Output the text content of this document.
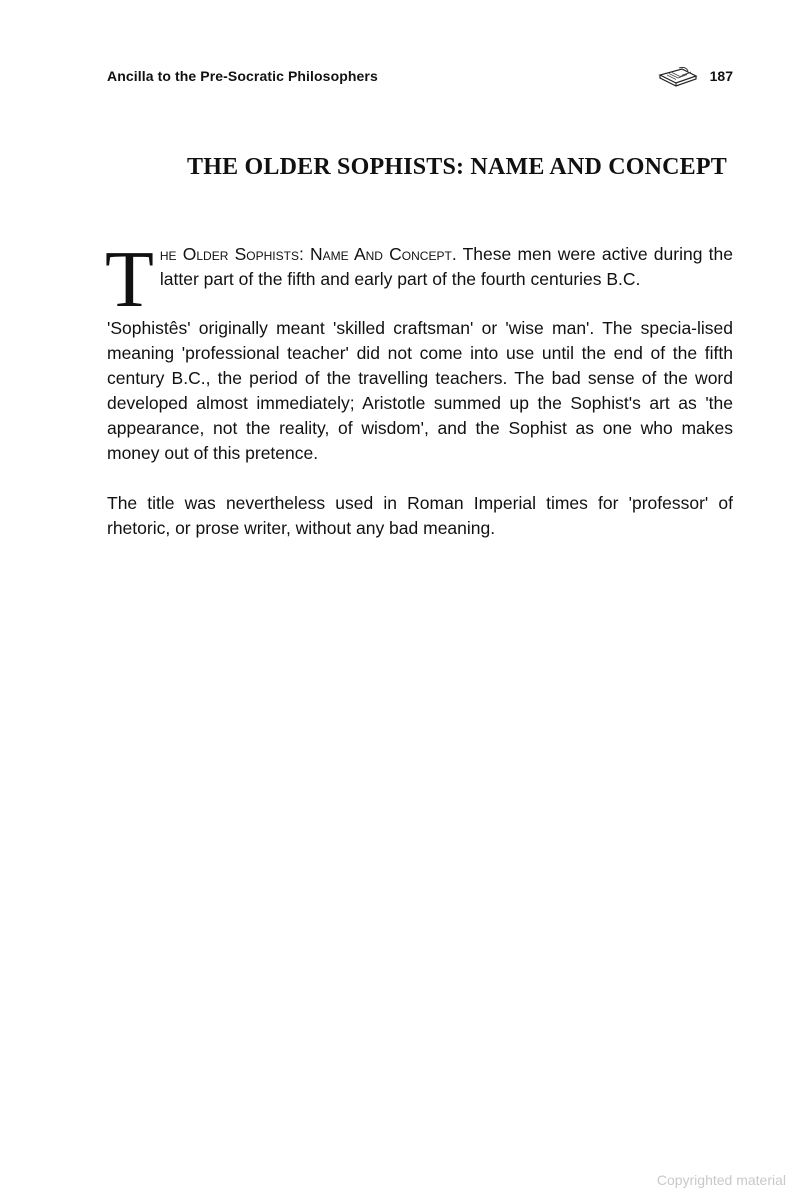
Ancilla to the Pre-Socratic Philosophers	187
THE OLDER SOPHISTS: NAME AND CONCEPT

The Older Sophists: Name And Concept. These men were active during the latter part of the fifth and early part of the fourth centuries B.C.

'Sophistês' originally meant 'skilled craftsman' or 'wise man'. The specia-lised meaning 'professional teacher' did not come into use until the end of the fifth century B.C., the period of the travelling teachers. The bad sense of the word developed almost immediately; Aristotle summed up the Sophist's art as 'the appearance, not the reality, of wisdom', and the Sophist as one who makes money out of this pretence.

The title was nevertheless used in Roman Imperial times for 'professor' of rhetoric, or prose writer, without any bad meaning.

Copyrighted material
